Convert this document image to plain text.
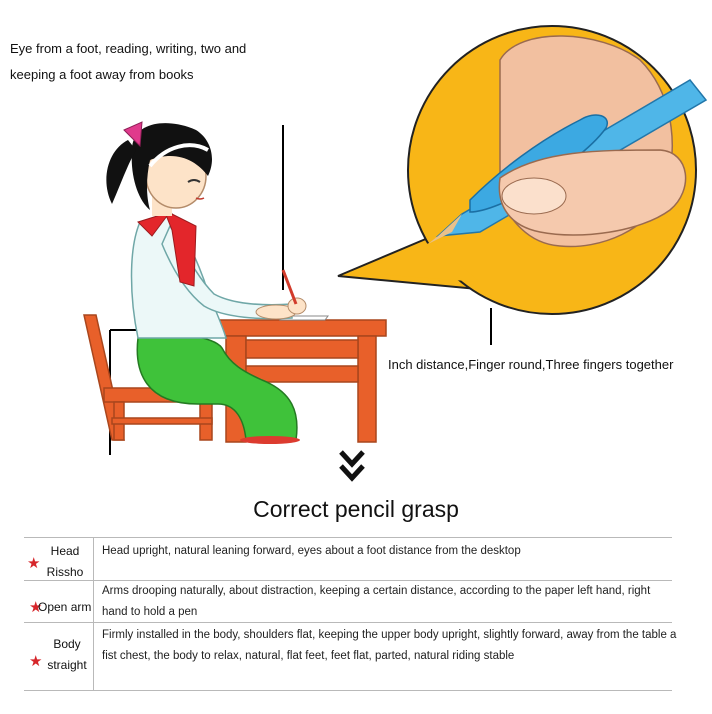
Eye from a foot, reading, writing, two and
keeping a foot away from books
Inch distance,Finger round,Three fingers together
Correct pencil grasp
★
Head
Rissho
Head upright, natural leaning forward, eyes about a foot distance from the desktop
★
Open arm
Arms drooping naturally, about distraction, keeping a certain distance, according to the paper left hand, right hand to hold a pen
★
Body
straight
Firmly installed in the body, shoulders flat, keeping the upper body upright, slightly forward, away from the table a fist chest, the body to relax, natural, flat feet, feet flat, parted, natural riding stable
